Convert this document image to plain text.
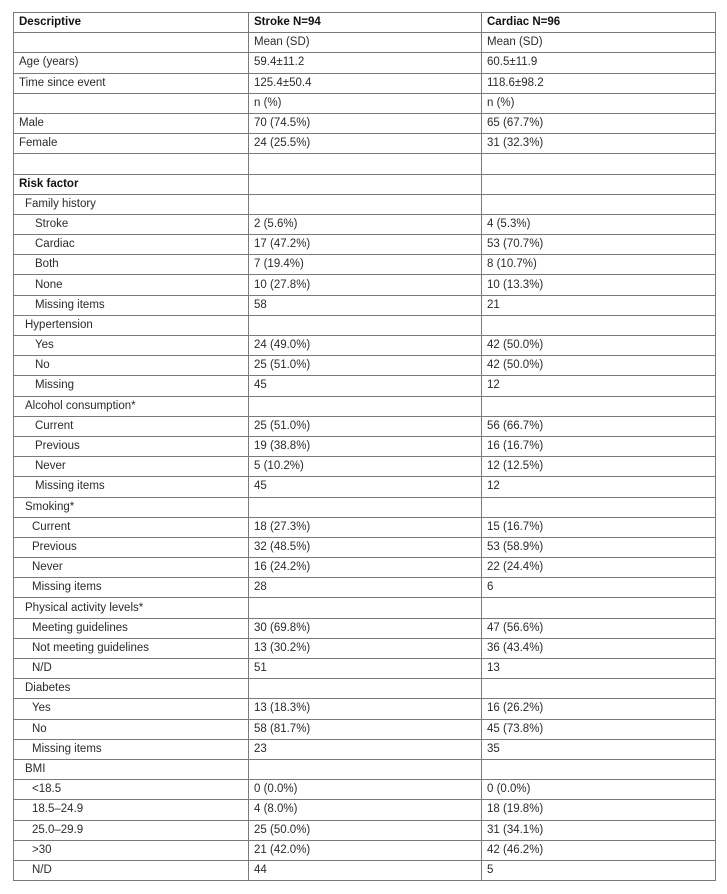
Descriptive	Stroke N=94	Cardiac N=96
	Mean (SD)	Mean (SD)
Age (years)	59.4±11.2	60.5±11.9
Time since event	125.4±50.4	118.6±98.2
	n (%)	n (%)
Male	70 (74.5%)	65 (67.7%)
Female	24 (25.5%)	31 (32.3%)

Risk factor		
Family history		
Stroke	2 (5.6%)	4 (5.3%)
Cardiac	17 (47.2%)	53 (70.7%)
Both	7 (19.4%)	8 (10.7%)
None	10 (27.8%)	10 (13.3%)
Missing items	58	21
Hypertension		
Yes	24 (49.0%)	42 (50.0%)
No	25 (51.0%)	42 (50.0%)
Missing	45	12
Alcohol consumption*		
Current	25 (51.0%)	56 (66.7%)
Previous	19 (38.8%)	16 (16.7%)
Never	5 (10.2%)	12 (12.5%)
Missing items	45	12
Smoking*		
Current	18 (27.3%)	15 (16.7%)
Previous	32 (48.5%)	53 (58.9%)
Never	16 (24.2%)	22 (24.4%)
Missing items	28	6
Physical activity levels*		
Meeting guidelines	30 (69.8%)	47 (56.6%)
Not meeting guidelines	13 (30.2%)	36 (43.4%)
N/D	51	13
Diabetes		
Yes	13 (18.3%)	16 (26.2%)
No	58 (81.7%)	45 (73.8%)
Missing items	23	35
BMI		
<18.5	0 (0.0%)	0 (0.0%)
18.5–24.9	4 (8.0%)	18 (19.8%)
25.0–29.9	25 (50.0%)	31 (34.1%)
>30	21 (42.0%)	42 (46.2%)
N/D	44	5
